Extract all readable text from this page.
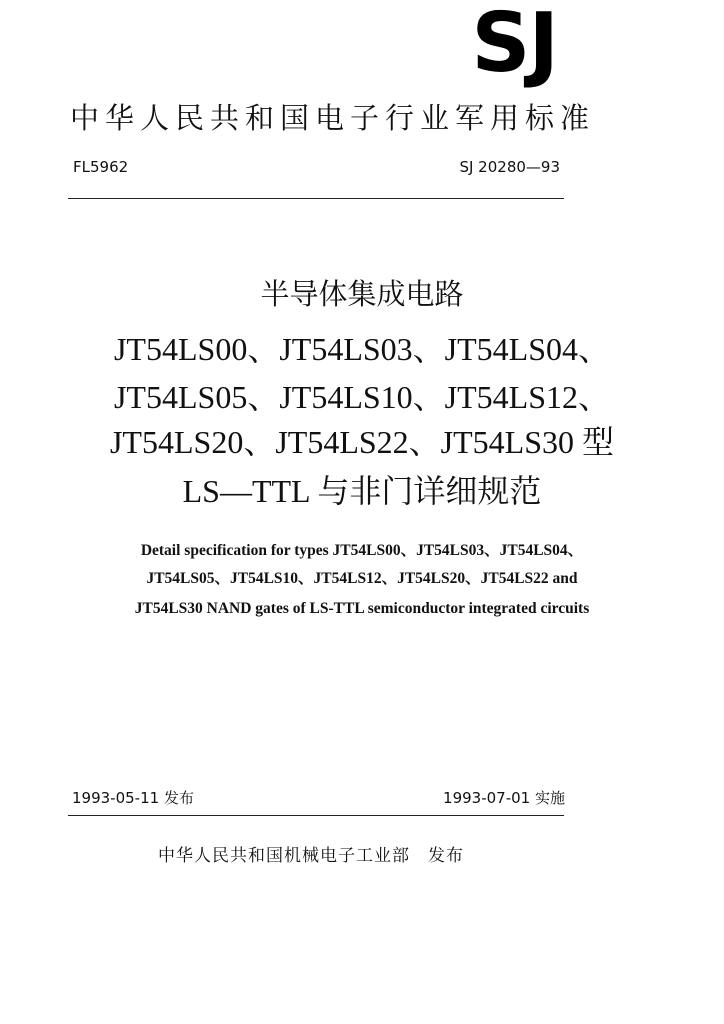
SJ
中华人民共和国电子行业军用标准
FL5962	SJ 20280—93
半导体集成电路
JT54LS00、JT54LS03、JT54LS04、
JT54LS05、JT54LS10、JT54LS12、
JT54LS20、JT54LS22、JT54LS30 型
LS—TTL 与非门详细规范
Detail specification for types JT54LS00、JT54LS03、JT54LS04、
JT54LS05、JT54LS10、JT54LS12、JT54LS20、JT54LS22 and
JT54LS30 NAND gates of LS-TTL semiconductor integrated circuits
1993-05-11 发布	1993-07-01 实施
中华人民共和国机械电子工业部　发布
